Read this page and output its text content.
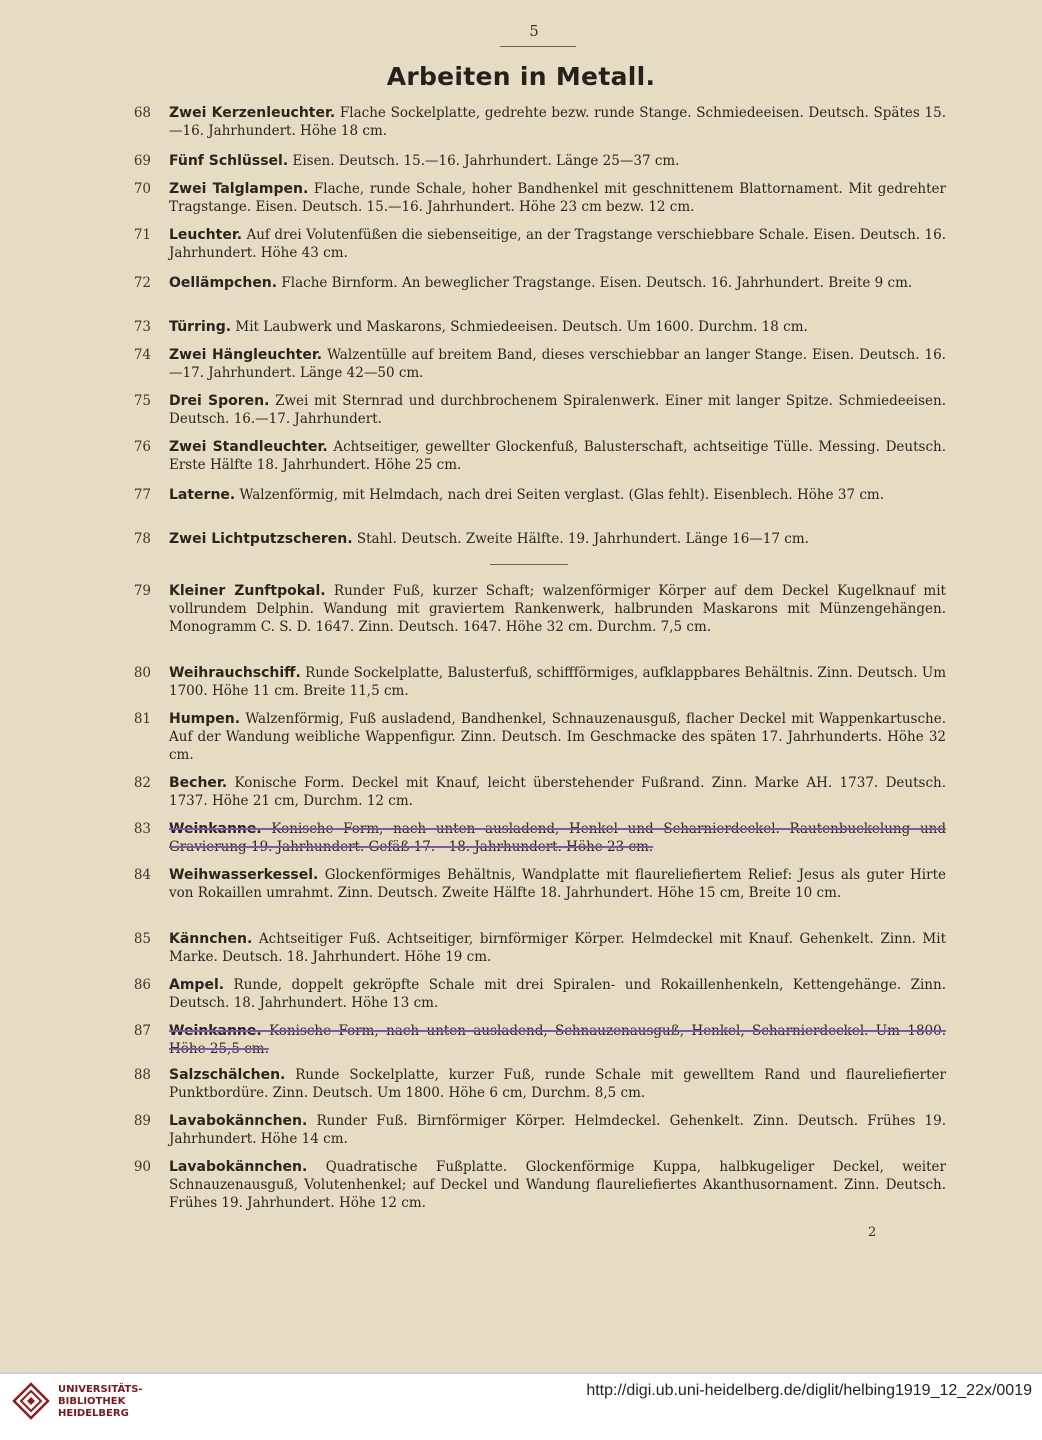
5
Arbeiten in Metall.
68 Zwei Kerzenleuchter. Flache Sockelplatte, gedrehte bezw. runde Stange. Schmiedeeisen. Deutsch. Spätes 15.—16. Jahrhundert. Höhe 18 cm.
69 Fünf Schlüssel. Eisen. Deutsch. 15.—16. Jahrhundert. Länge 25—37 cm.
70 Zwei Talglampen. Flache, runde Schale, hoher Bandhenkel mit geschnittenem Blattornament. Mit gedrehter Tragstange. Eisen. Deutsch. 15.—16. Jahrhundert. Höhe 23 cm bezw. 12 cm.
71 Leuchter. Auf drei Volutenfüßen die siebenseitige, an der Tragstange verschiebbare Schale. Eisen. Deutsch. 16. Jahrhundert. Höhe 43 cm.
72 Oellämpchen. Flache Birnform. An beweglicher Tragstange. Eisen. Deutsch. 16. Jahrhundert. Breite 9 cm.
73 Türring. Mit Laubwerk und Maskarons, Schmiedeeisen. Deutsch. Um 1600. Durchm. 18 cm.
74 Zwei Hängleuchter. Walzentülle auf breitem Band, dieses verschiebbar an langer Stange. Eisen. Deutsch. 16.—17. Jahrhundert. Länge 42—50 cm.
75 Drei Sporen. Zwei mit Sternrad und durchbrochenem Spiralenwerk. Einer mit langer Spitze. Schmiedeeisen. Deutsch. 16.—17. Jahrhundert.
76 Zwei Standleuchter. Achtseitiger, gewellter Glockenfuß, Balusterschaft, achtseitige Tülle. Messing. Deutsch. Erste Hälfte 18. Jahrhundert. Höhe 25 cm.
77 Laterne. Walzenförmig, mit Helmdach, nach drei Seiten verglast. (Glas fehlt). Eisenblech. Höhe 37 cm.
78 Zwei Lichtputzscheren. Stahl. Deutsch. Zweite Hälfte. 19. Jahrhundert. Länge 16—17 cm.
79 Kleiner Zunftpokal. Runder Fuß, kurzer Schaft; walzenförmiger Körper auf dem Deckel Kugelknauf mit vollrundem Delphin. Wandung mit graviertem Rankenwerk, halbrunden Maskarons mit Münzengehängen. Monogramm C. S. D. 1647. Zinn. Deutsch. 1647. Höhe 32 cm. Durchm. 7,5 cm.
80 Weihrauchschiff. Runde Sockelplatte, Balusterfuß, schiffförmiges, aufklappbares Behältnis. Zinn. Deutsch. Um 1700. Höhe 11 cm. Breite 11,5 cm.
81 Humpen. Walzenförmig, Fuß ausladend, Bandhenkel, Schnauzenausguß, flacher Deckel mit Wappenkartusche. Auf der Wandung weibliche Wappenfigur. Zinn. Deutsch. Im Geschmacke des späten 17. Jahrhunderts. Höhe 32 cm.
82 Becher. Konische Form. Deckel mit Knauf, leicht überstehender Fußrand. Zinn. Marke AH. 1737. Deutsch. 1737. Höhe 21 cm, Durchm. 12 cm.
83 Weinkanne. Konische Form, nach unten ausladend, Henkel und Scharnierdeckel. Rautenbuckelung und Gravierung 19. Jahrhundert. Gefäß 17.—18. Jahrhundert. Höhe 23 cm.
84 Weihwasserkessel. Glockenförmiges Behältnis, Wandplatte mit flaureliefiertem Relief: Jesus als guter Hirte von Rokaillen umrahmt. Zinn. Deutsch. Zweite Hälfte 18. Jahrhundert. Höhe 15 cm, Breite 10 cm.
85 Kännchen. Achtseitiger Fuß. Achtseitiger, birnförmiger Körper. Helmdeckel mit Knauf. Gehenkelt. Zinn. Mit Marke. Deutsch. 18. Jahrhundert. Höhe 19 cm.
86 Ampel. Runde, doppelt gekröpfte Schale mit drei Spiralen- und Rokaillenhenkeln, Kettengehänge. Zinn. Deutsch. 18. Jahrhundert. Höhe 13 cm.
87 Weinkanne. Konische Form, nach unten ausladend, Schnauzenausguß, Henkel, Scharnierdeckel. Um 1800. Höhe 25,5 cm.
88 Salzschälchen. Runde Sockelplatte, kurzer Fuß, runde Schale mit gewelltem Rand und flaureliefierter Punktbordüre. Zinn. Deutsch. Um 1800. Höhe 6 cm, Durchm. 8,5 cm.
89 Lavabokännchen. Runder Fuß. Birnförmiger Körper. Helmdeckel. Gehenkelt. Zinn. Deutsch. Frühes 19. Jahrhundert. Höhe 14 cm.
90 Lavabokännchen. Quadratische Fußplatte. Glockenförmige Kuppa, halbkugeliger Deckel, weiter Schnauzenausguß, Volutenhenkel; auf Deckel und Wandung flaureliefiertes Akanthusornament. Zinn. Deutsch. Frühes 19. Jahrhundert. Höhe 12 cm.
2
UNIVERSITÄTS-
BIBLIOTHEK
HEIDELBERG
http://digi.ub.uni-heidelberg.de/diglit/helbing1919_12_22x/0019
